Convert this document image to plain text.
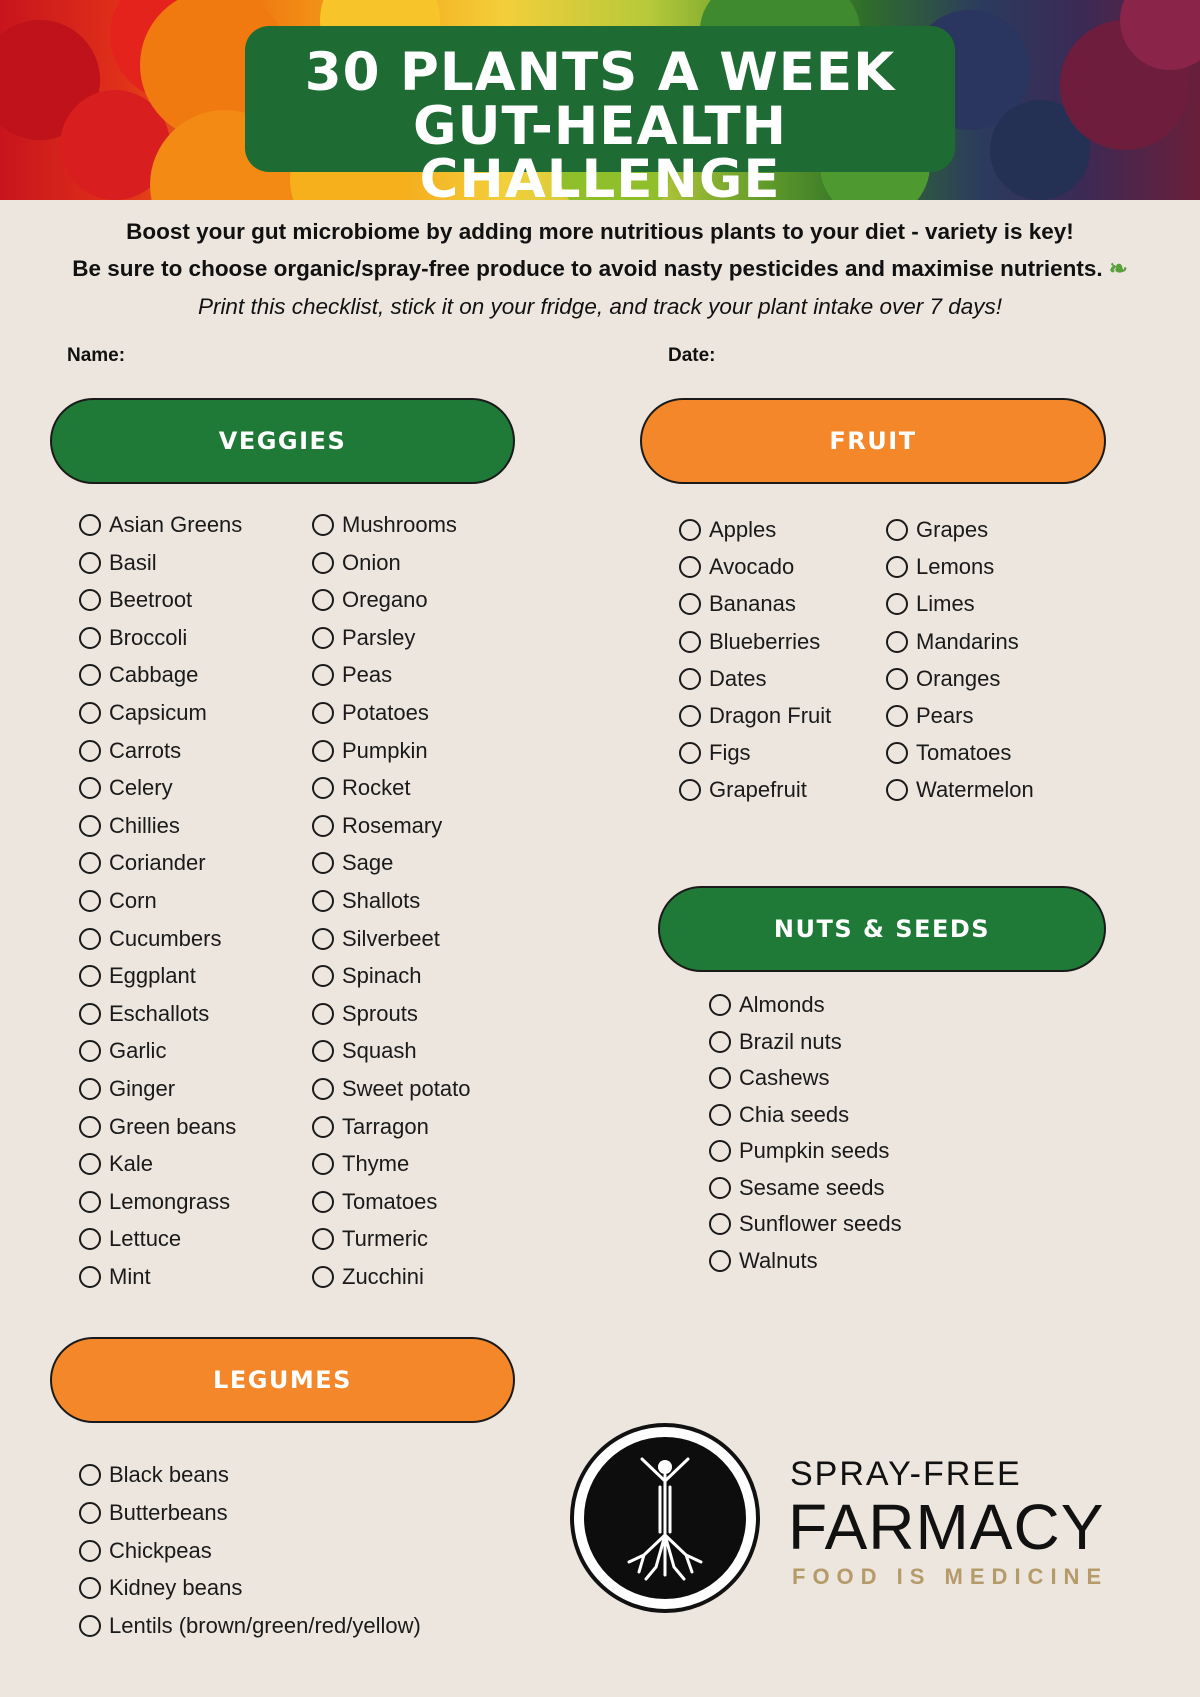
30 PLANTS A WEEK
GUT-HEALTH CHALLENGE
Boost your gut microbiome by adding more nutritious plants to your diet - variety is key!
Be sure to choose organic/spray-free produce to avoid nasty pesticides and maximise nutrients. ❧
Print this checklist, stick it on your fridge, and track your plant intake over 7 days!
Name:	Date:
VEGGIES	FRUIT
NUTS & SEEDS
LEGUMES
Asian Greens
Basil
Beetroot
Broccoli
Cabbage
Capsicum
Carrots
Celery
Chillies
Coriander
Corn
Cucumbers
Eggplant
Eschallots
Garlic
Ginger
Green beans
Kale
Lemongrass
Lettuce
Mint
Mushrooms
Onion
Oregano
Parsley
Peas
Potatoes
Pumpkin
Rocket
Rosemary
Sage
Shallots
Silverbeet
Spinach
Sprouts
Squash
Sweet potato
Tarragon
Thyme
Tomatoes
Turmeric
Zucchini
Apples
Avocado
Bananas
Blueberries
Dates
Dragon Fruit
Figs
Grapefruit
Grapes
Lemons
Limes
Mandarins
Oranges
Pears
Tomatoes
Watermelon
Almonds
Brazil nuts
Cashews
Chia seeds
Pumpkin seeds
Sesame seeds
Sunflower seeds
Walnuts
Black beans
Butterbeans
Chickpeas
Kidney beans
Lentils (brown/green/red/yellow)
SPRAY-FREE
FARMACY
FOOD IS MEDICINE
